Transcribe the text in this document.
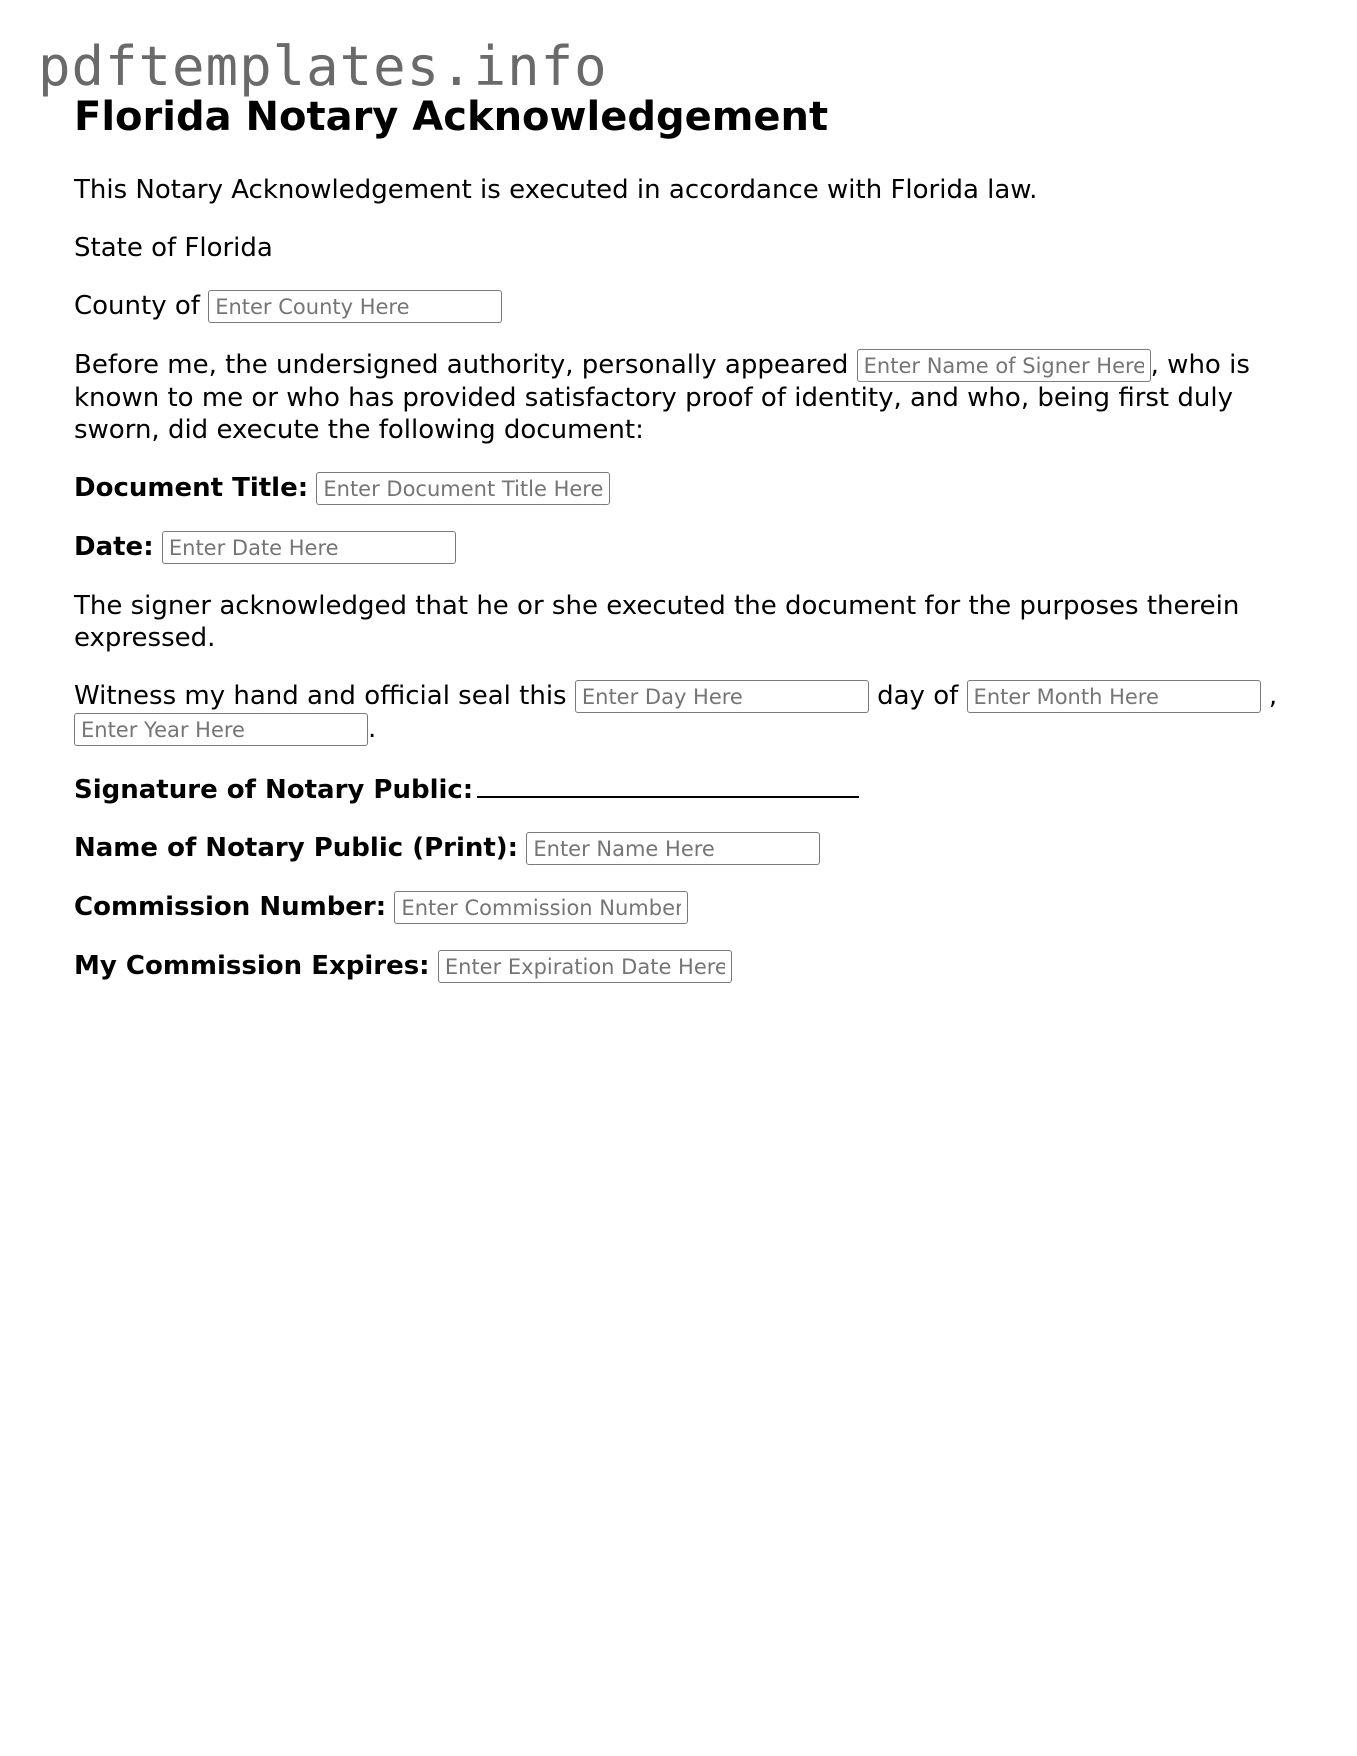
pdftemplates.info
Florida Notary Acknowledgement

This Notary Acknowledgement is executed in accordance with Florida law.

State of Florida

County of Enter County Here

Before me, the undersigned authority, personally appeared Enter Name of Signer Here	, who is known to me or who has provided satisfactory proof of identity, and who, being first duly sworn, did execute the following document:

Document Title: Enter Document Title Here

Date: Enter Date Here

The signer acknowledged that he or she executed the document for the purposes therein expressed.

Witness my hand and official seal this Enter Day Here	day of Enter Month Here	, Enter Year Here.

Signature of Notary Public:

Name of Notary Public (Print): Enter Name Here

Commission Number: Enter Commission Number

My Commission Expires: Enter Expiration Date Here
